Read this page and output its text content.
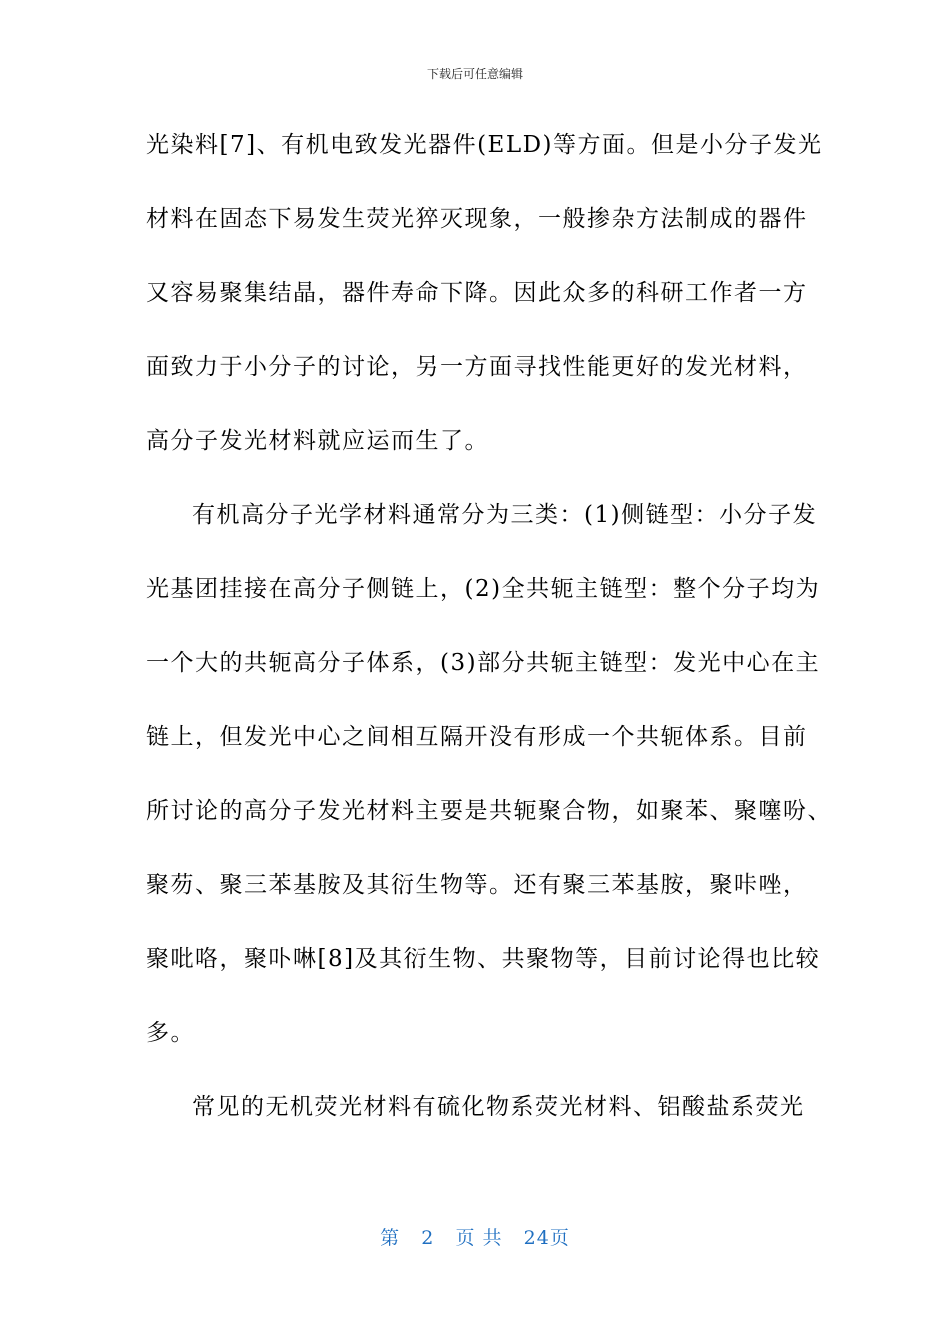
下载后可任意编辑
光染料[7]、有机电致发光器件(ELD)等方面。但是小分子发光
材料在固态下易发生荧光猝灭现象，一般掺杂方法制成的器件
又容易聚集结晶，器件寿命下降。因此众多的科研工作者一方
面致力于小分子的讨论，另一方面寻找性能更好的发光材料，
高分子发光材料就应运而生了。
有机高分子光学材料通常分为三类：(1)侧链型：小分子发
光基团挂接在高分子侧链上，(2)全共轭主链型：整个分子均为
一个大的共轭高分子体系，(3)部分共轭主链型：发光中心在主
链上，但发光中心之间相互隔开没有形成一个共轭体系。目前
所讨论的高分子发光材料主要是共轭聚合物，如聚苯、聚噻吩、
聚芴、聚三苯基胺及其衍生物等。还有聚三苯基胺，聚咔唑，
聚吡咯，聚卟啉[8]及其衍生物、共聚物等，目前讨论得也比较
多。
常见的无机荧光材料有硫化物系荧光材料、铝酸盐系荧光
第 2 页 共 24页
